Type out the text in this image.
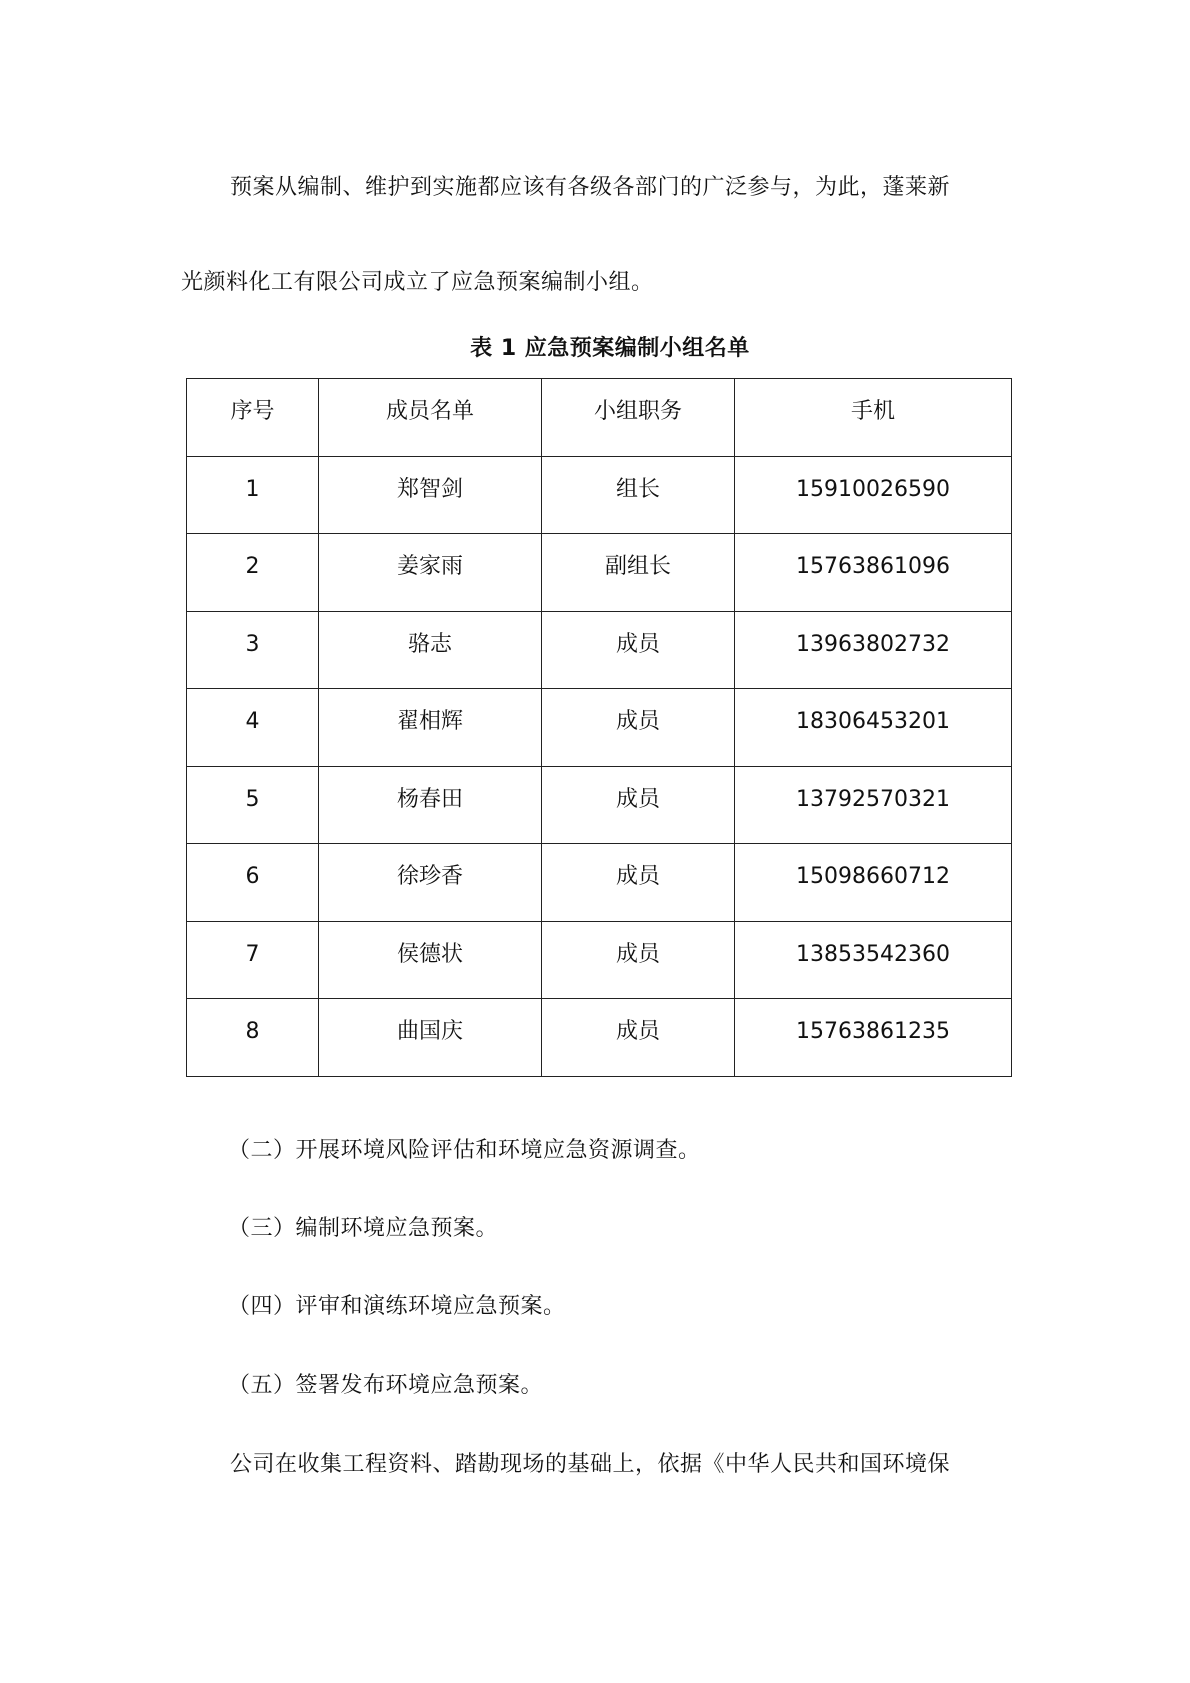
预案从编制、维护到实施都应该有各级各部门的广泛参与，为此，蓬莱新
光颜料化工有限公司成立了应急预案编制小组。
表 1 应急预案编制小组名单
序号	成员名单	小组职务	手机
1	郑智剑	组长	15910026590
2	姜家雨	副组长	15763861096
3	骆志	成员	13963802732
4	翟相辉	成员	18306453201
5	杨春田	成员	13792570321
6	徐珍香	成员	15098660712
7	侯德状	成员	13853542360
8	曲国庆	成员	15763861235
（二）开展环境风险评估和环境应急资源调查。
（三）编制环境应急预案。
（四）评审和演练环境应急预案。
（五）签署发布环境应急预案。
公司在收集工程资料、踏勘现场的基础上，依据《中华人民共和国环境保
